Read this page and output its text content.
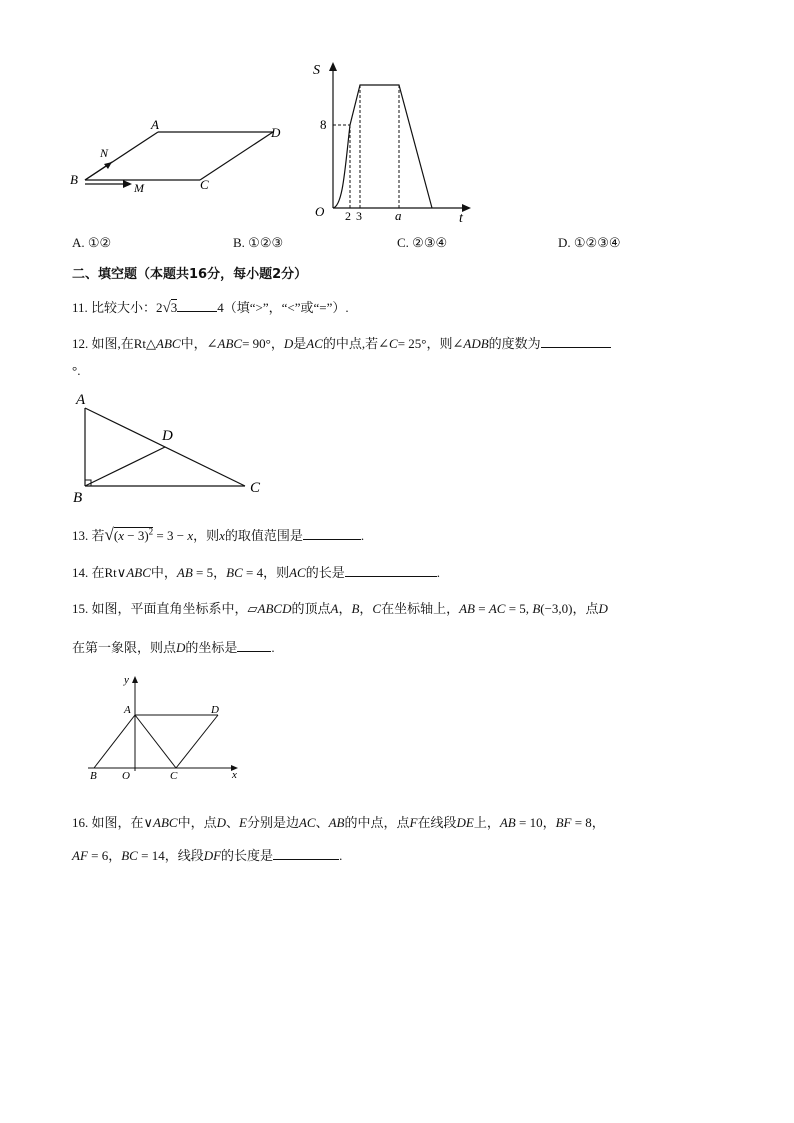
A
D
N
B	C
M
S
8
O 2 3	a	t
A. ①②	B. ①②③	C. ②③④	D. ①②③④
二、填空题（本题共16分，每小题2分）
11. 比较大小：2√3	4（填“>”，“<”或“=”）.
12. 如图,在Rt△ABC中，∠ABC= 90°，D是AC的中点,若∠C= 25°，则∠ADB的度数为
°.
A
D
B
C
13. 若$√(x - 3)^2 = 3 - x$，则x的取值范围是	.
14. 在Rt∨ABC中，AB = 5，BC = 4，则AC的长是	.
15. 如图，平面直角坐标系中，▱ABCD的顶点A，B，C在坐标轴上，AB = AC = 5, B(−3,0)，点D
在第一象限，则点D的坐标是	.
y
x
A	D
B O	C
16. 如图，在∨ABC中，点D、E分别是边AC、AB的中点，点F在线段DE上，AB = 10，BF = 8，
AF = 6，BC = 14，线段DF的长度是	.
